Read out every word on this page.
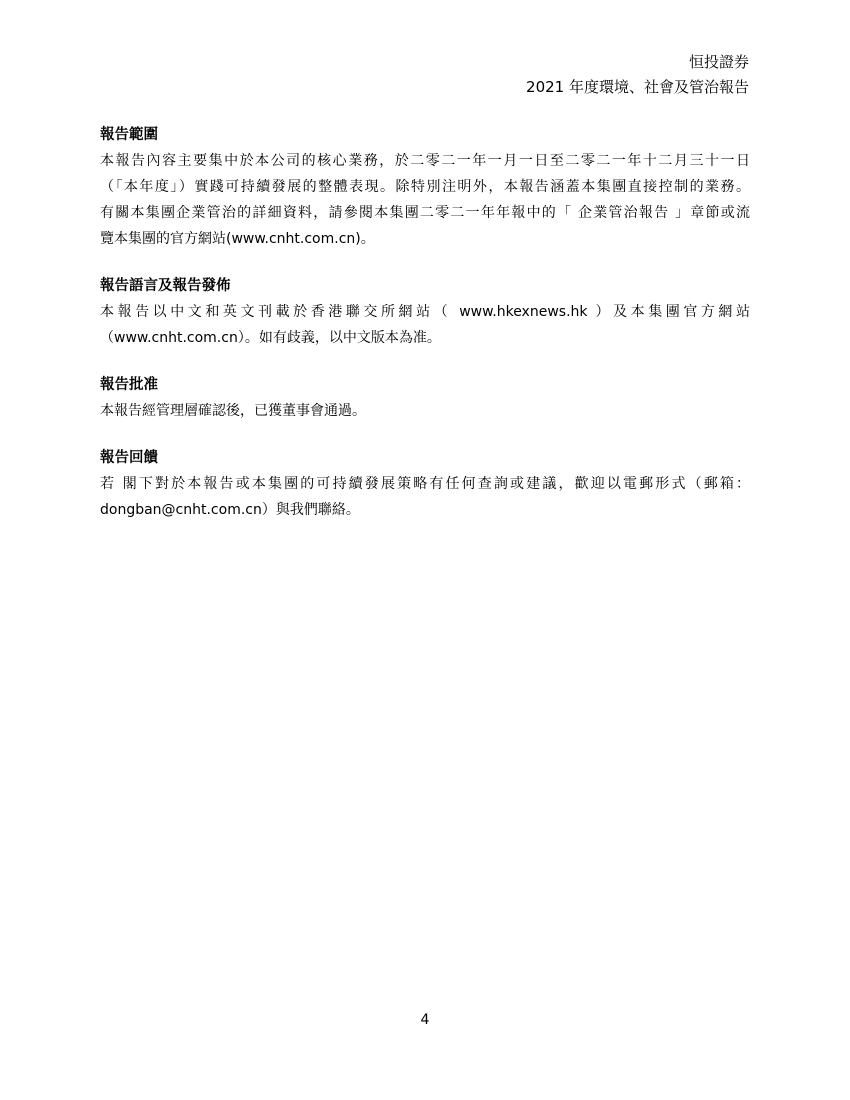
恒投證券
2021 年度環境、社會及管治報告
報告範圍
本報告內容主要集中於本公司的核心業務，於二零二一年一月一日至二零二一年十二月三十一日
（「本年度」）實踐可持續發展的整體表現。除特別注明外，本報告涵蓋本集團直接控制的業務。
有關本集團企業管治的詳細資料，請參閱本集團二零二一年年報中的「 企業管治報告 」章節或流
覽本集團的官方網站(www.cnht.com.cn)。
報告語言及報告發佈
本報告以中文和英文刊載於香港聯交所網站（ www.hkexnews.hk ）及本集團官方網站
（www.cnht.com.cn）。如有歧義，以中文版本為准。
報告批准
本報告經管理層確認後，已獲董事會通過。
報告回饋
若 閣下對於本報告或本集團的可持續發展策略有任何查詢或建議，歡迎以電郵形式（郵箱：
dongban@cnht.com.cn）與我們聯絡。
4
